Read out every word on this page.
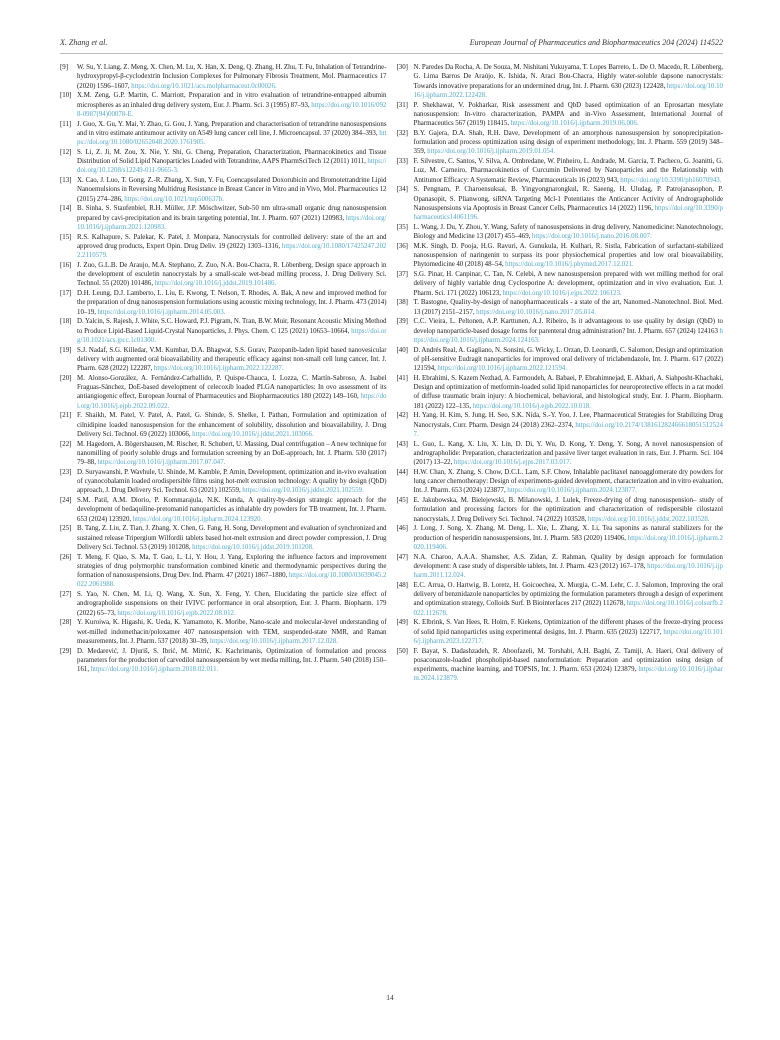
X. Zhang et al.	European Journal of Pharmaceutics and Biopharmaceutics 204 (2024) 114522
[9]	W. Su, Y. Liang, Z. Meng, X. Chen, M. Lu, X. Han, X. Deng, Q. Zhang, H. Zhu, T. Fu, Inhalation of Tetrandrine-hydroxypropyl-β-cyclodextrin Inclusion Complexes for Pulmonary Fibrosis Treatment, Mol. Pharmaceutics 17 (2020) 1596–1607, https://doi.org/10.1021/acs.molpharmaceut.0c00026.
[10] X.M. Zeng, G.P. Martin, C. Marriott, Preparation and in vitro evaluation of tetrandrine-entrapped albumin microspheres as an inhaled drug delivery system, Eur. J. Pharm. Sci. 3 (1995) 87–93, https://doi.org/10.1016/0928-0987(94)00078-E.
[11] J. Guo, X. Gu, Y. Mai, Y. Zhao, G. Gou, J. Yang, Preparation and characterisation of tetrandrine nanosuspensions and in vitro estimate antitumour activity on A549 lung cancer cell line, J. Microencapsul. 37 (2020) 384–393, https://doi.org/10.1080/02652048.2020.1761905.
[12] S. Li, Z. Ji, M. Zou, X. Nie, Y. Shi, G. Cheng, Preparation, Characterization, Pharmacokinetics and Tissue Distribution of Solid Lipid Nanoparticles Loaded with Tetrandrine, AAPS PharmSciTech 12 (2011) 1011, https://doi.org/10.1208/s12249-011-9665-3.
[13] X. Cao, J. Luo, T. Gong, Z.-R. Zhang, X. Sun, Y. Fu, Coencapsulated Doxorubicin and Bromotetrandrine Lipid Nanoemulsions in Reversing Multidrug Resistance in Breast Cancer in Vitro and in Vivo, Mol. Pharmaceutics 12 (2015) 274–286, https://doi.org/10.1021/mp500637b.
[14] B. Sinha, S. Staufenbiel, R.H. Müller, J.P. Möschwitzer, Sub-50 nm ultra-small organic drug nanosuspension prepared by cavi-precipitation and its brain targeting potential, Int. J. Pharm. 607 (2021) 120983, https://doi.org/10.1016/j.ijpharm.2021.120983.
[15] R.S. Kalhapure, S. Palekar, K. Patel, J. Monpara, Nanocrystals for controlled delivery: state of the art and approved drug products, Expert Opin. Drug Deliv. 19 (2022) 1303–1316, https://doi.org/10.1080/17425247.2022.2110579.
[16] J. Zuo, G.L.B. De Araujo, M.A. Stephano, Z. Zuo, N.A. Bou-Chacra, R. Löbenberg, Design space approach in the development of esculetin nanocrystals by a small-scale wet-bead milling process, J. Drug Delivery Sci. Technol. 55 (2020) 101486, https://doi.org/10.1016/j.jddst.2019.101486.
[17] D.H. Leung, D.J. Lamberto, L. Liu, E. Kwong, T. Nelson, T. Rhodes, A. Bak, A new and improved method for the preparation of drug nanosuspension formulations using acoustic mixing technology, Int. J. Pharm. 473 (2014) 10–19, https://doi.org/10.1016/j.ijpharm.2014.05.003.
[18] D. Yalcin, S. Rajesh, J. White, S.C. Howard, P.J. Pigram, N. Tran, B.W. Muir, Resonant Acoustic Mixing Method to Produce Lipid-Based Liquid-Crystal Nanoparticles, J. Phys. Chem. C 125 (2021) 10653–10664, https://doi.org/10.1021/acs.jpcc.1c01300.
[19] S.J. Nadaf, S.G. Killedar, V.M. Kumbar, D.A. Bhagwat, S.S. Gurav, Pazopanib-laden lipid based nanovesicular delivery with augmented oral bioavailability and therapeutic efficacy against non-small cell lung cancer, Int. J. Pharm. 628 (2022) 122287, https://doi.org/10.1016/j.ijpharm.2022.122287.
[20] M. Alonso-González, A. Fernández-Carballido, P. Quispe-Chauca, I. Lozza, C. Martín-Sabroso, A. Isabel Fraguas-Sánchez, DoE-based development of celecoxib loaded PLGA nanoparticles: In ovo assessment of its antiangiogenic effect, European Journal of Pharmaceutics and Biopharmaceutics 180 (2022) 149–160, https://doi.org/10.1016/j.ejpb.2022.09.022.
[21] F. Shaikh, M. Patel, V. Patel, A. Patel, G. Shinde, S. Shelke, I. Pathan, Formulation and optimization of cilnidipine loaded nanosuspension for the enhancement of solubility, dissolution and bioavailability, J. Drug Delivery Sci. Technol. 69 (2022) 103066, https://doi.org/10.1016/j.jddst.2021.103066.
[22] M. Hagedorn, A. Bögershausen, M. Rischer, R. Schubert, U. Massing, Dual centrifugation – A new technique for nanomilling of poorly soluble drugs and formulation screening by an DoE-approach, Int. J. Pharm. 530 (2017) 79–88, https://doi.org/10.1016/j.ijpharm.2017.07.047.
[23] D. Suryawanshi, P. Wavhule, U. Shinde, M. Kamble, P. Amin, Development, optimization and in-vivo evaluation of cyanocobalamin loaded orodispersible films using hot-melt extrusion technology: A quality by design (QbD) approach, J. Drug Delivery Sci. Technol. 63 (2021) 102559, https://doi.org/10.1016/j.jddst.2021.102559.
[24] S.M. Patil, A.M. Diorio, P. Kommarajula, N.K. Kunda, A quality-by-design strategic approach for the development of bedaquiline-pretomanid nanoparticles as inhalable dry powders for TB treatment, Int. J. Pharm. 653 (2024) 123920, https://doi.org/10.1016/j.ijpharm.2024.123920.
[25] B. Tang, Z. Liu, Z. Tian, J. Zhang, X. Chen, G. Fang, H. Song, Development and evaluation of synchronized and sustained release Tripergium Wilfordii tablets based hot-melt extrusion and direct powder compression, J. Drug Delivery Sci. Technol. 53 (2019) 101208, https://doi.org/10.1016/j.jddst.2019.101208.
[26] T. Meng, F. Qiao, S. Ma, T. Gao, L. Li, Y. Hou, J. Yang, Exploring the influence factors and improvement strategies of drug polymorphic transformation combined kinetic and thermodynamic perspectives during the formation of nanosuspensions, Drug Dev. Ind. Pharm. 47 (2021) 1867–1880, https://doi.org/10.1080/03639045.2022.2061988.
[27] S. Yao, N. Chen, M. Li, Q. Wang, X. Sun, X. Feng, Y. Chen, Elucidating the particle size effect of andrographolide suspensions on their IVIVC performance in oral absorption, Eur. J. Pharm. Biopharm. 179 (2022) 65–73, https://doi.org/10.1016/j.ejpb.2022.08.012.
[28] Y. Kuroiwa, K. Higashi, K. Ueda, K. Yamamoto, K. Moribe, Nano-scale and molecular-level understanding of wet-milled indomethacin/poloxamer 407 nanosuspension with TEM, suspended-state NMR, and Raman measurements, Int. J. Pharm. 537 (2018) 30–39, https://doi.org/10.1016/j.ijpharm.2017.12.028.
[29] D. Medarević, J. Djuriš, S. Ibrić, M. Mitrić, K. Kachrimanis, Optimization of formulation and process parameters for the production of carvedilol nanosuspension by wet media milling, Int. J. Pharm. 540 (2018) 150–161, https://doi.org/10.1016/j.ijpharm.2018.02.011.
[30] N. Paredes Da Rocha, A. De Souza, M. Nishitani Yukuyama, T. Lopes Barreto, L. De O. Macedo, R. Löbenberg, G. Lima Barros De Araújo, K. Ishida, N. Araci Bou-Chacra, Highly water-soluble dapsone nanocrystals: Towards innovative preparations for an undermined drug, Int. J. Pharm. 630 (2023) 122428, https://doi.org/10.1016/j.ijpharm.2022.122428.
[31] P. Shekhawat, V. Pokharkar, Risk assessment and QbD based optimization of an Eprosartan mesylate nanosuspension: In-vitro characterization, PAMPA and in-Vivo Assessment, International Journal of Pharmaceutics 567 (2019) 118415, https://doi.org/10.1016/j.ijpharm.2019.06.006.
[32] B.Y. Gajera, D.A. Shah, R.H. Dave, Development of an amorphous nanosuspension by sonoprecipitation-formulation and process optimization using design of experiment methodology, Int. J. Pharm. 559 (2019) 348–359, https://doi.org/10.1016/j.ijpharm.2019.01.054.
[33] F. Silvestre, C. Santos, V. Silva, A. Ombredane, W. Pinheiro, L. Andrade, M. Garcia, T. Pacheco, G. Joanitti, G. Luz, M. Carneiro, Pharmacokinetics of Curcumin Delivered by Nanoparticles and the Relationship with Antitumor Efficacy: A Systematic Review, Pharmaceuticals 16 (2023) 943, https://doi.org/10.3390/ph16070943.
[34] S. Pengnam, P. Charoensuksai, B. Yingyongnarongkul, R. Saeeng, H. Uludag, P. Patrojanasophon, P. Opanasopit, S. Plianwong, siRNA Targeting Mcl-1 Potentiates the Anticancer Activity of Andrographolide Nanosuspensions via Apoptosis in Breast Cancer Cells, Pharmaceutics 14 (2022) 1196, https://doi.org/10.3390/pharmaceutics14061196.
[35] L. Wang, J. Du, Y. Zhou, Y. Wang, Safety of nanosuspensions in drug delivery, Nanomedicine: Nanotechnology, Biology and Medicine 13 (2017) 455–469, https://doi.org/10.1016/j.nano.2016.08.007.
[36] M.K. Singh, D. Pooja, H.G. Ravuri, A. Gunukula, H. Kulhari, R. Sistla, Fabrication of surfactant-stabilized nanosuspension of naringenin to surpass its poor physiochemical properties and low oral bioavailability, Phytomedicine 40 (2018) 48–54, https://doi.org/10.1016/j.phymed.2017.12.021.
[37] S.G. Pinar, H. Canpinar, C. Tan, N. Celebi, A new nanosuspension prepared with wet milling method for oral delivery of highly variable drug Cyclosporine A: development, optimization and in vivo evaluation, Eur. J. Pharm. Sci. 171 (2022) 106123, https://doi.org/10.1016/j.ejps.2022.106123.
[38] T. Bastogne, Quality-by-design of nanopharmaceuticals - a state of the art, Nanomed.-Nanotechnol. Biol. Med. 13 (2017) 2151–2157, https://doi.org/10.1016/j.nano.2017.05.014.
[39] C.C. Vieira, L. Peltonen, A.P. Karttunen, A.J. Ribeiro, Is it advantageous to use quality by design (QbD) to develop nanoparticle-based dosage forms for parenteral drug administration? Int. J. Pharm. 657 (2024) 124163 https://doi.org/10.1016/j.ijpharm.2024.124163.
[40] D. Andrés Real, A. Gagliano, N. Sonsini, G. Wicky, L. Orzan, D. Leonardi, C. Salomon, Design and optimization of pH-sensitive Eudragit nanoparticles for improved oral delivery of triclabendazole, Int. J. Pharm. 617 (2022) 121594, https://doi.org/10.1016/j.ijpharm.2022.121594.
[41] H. Ebrahimi, S. Kazem Nezhad, A. Farmoudeh, A. Babaei, P. Ebrahimnejad, E. Akbari, A. Siahposht-Khachaki, Design and optimization of metformin-loaded solid lipid nanoparticles for neuroprotective effects in a rat model of diffuse traumatic brain injury: A biochemical, behavioral, and histological study, Eur. J. Pharm. Biopharm. 181 (2022) 122–135, https://doi.org/10.1016/j.ejpb.2022.10.018.
[42] H. Yang, H. Kim, S. Jung, H. Seo, S.K. Nida, S.-Y. Yoo, J. Lee, Pharmaceutical Strategies for Stabilizing Drug Nanocrystals, Curr. Pharm. Design 24 (2018) 2362–2374, https://doi.org/10.2174/1381612824666180515125247.
[43] L. Guo, L. Kang, X. Liu, X. Lin, D. Di, Y. Wu, D. Kong, Y. Deng, Y. Song, A novel nanosuspension of andrographolide: Preparation, characterization and passive liver target evaluation in rats, Eur. J. Pharm. Sci. 104 (2017) 13–22, https://doi.org/10.1016/j.ejps.2017.03.017.
[44] H.W. Chan, X. Zhang, S. Chow, D.C.L. Lam, S.F. Chow, Inhalable paclitaxel nanoagglomerate dry powders for lung cancer chemotherapy: Design of experiments-guided development, characterization and in vitro evaluation, Int. J. Pharm. 653 (2024) 123877, https://doi.org/10.1016/j.ijpharm.2024.123877.
[45] E. Jakubowska, M. Bielejewski, B. Milanowski, J. Lulek, Freeze-drying of drug nanosuspension– study of formulation and processing factors for the optimization and characterization of redispersible cilostazol nanocrystals, J. Drug Delivery Sci. Technol. 74 (2022) 103528, https://doi.org/10.1016/j.jddst.2022.103528.
[46] J. Long, J. Song, X. Zhang, M. Deng, L. Xie, L. Zhang, X. Li, Tea saponins as natural stabilizers for the production of hesperidin nanosuspensions, Int. J. Pharm. 583 (2020) 119406, https://doi.org/10.1016/j.ijpharm.2020.119406.
[47] N.A. Charoo, A.A.A. Shamsher, A.S. Zidan, Z. Rahman, Quality by design approach for formulation development: A case study of dispersible tablets, Int. J. Pharm. 423 (2012) 167–178, https://doi.org/10.1016/j.ijpharm.2011.12.024.
[48] E.C. Arrua, O. Hartwig, B. Loretz, H. Goicoechea, X. Murgia, C.-M. Lehr, C. J. Salomon, Improving the oral delivery of benznidazole nanoparticles by optimizing the formulation parameters through a design of experiment and optimization strategy, Colloids Surf. B Biointerfaces 217 (2022) 112678, https://doi.org/10.1016/j.colsurfb.2022.112678.
[49] K. Elbrink, S. Van Hees, R. Holm, F. Kiekens, Optimization of the different phases of the freeze-drying process of solid lipid nanoparticles using experimental designs, Int. J. Pharm. 635 (2023) 122717, https://doi.org/10.1016/j.ijpharm.2023.122717.
[50] F. Bayat, S. Dadashzadeh, R. Aboofazeli, M. Torshabi, A.H. Baghi, Z. Tamiji, A. Haeri, Oral delivery of posaconazole-loaded phospholipid-based nanoformulation: Preparation and optimization using design of experiments, machine learning, and TOPSIS, Int. J. Pharm. 653 (2024) 123879, https://doi.org/10.1016/j.ijpharm.2024.123879.
14
